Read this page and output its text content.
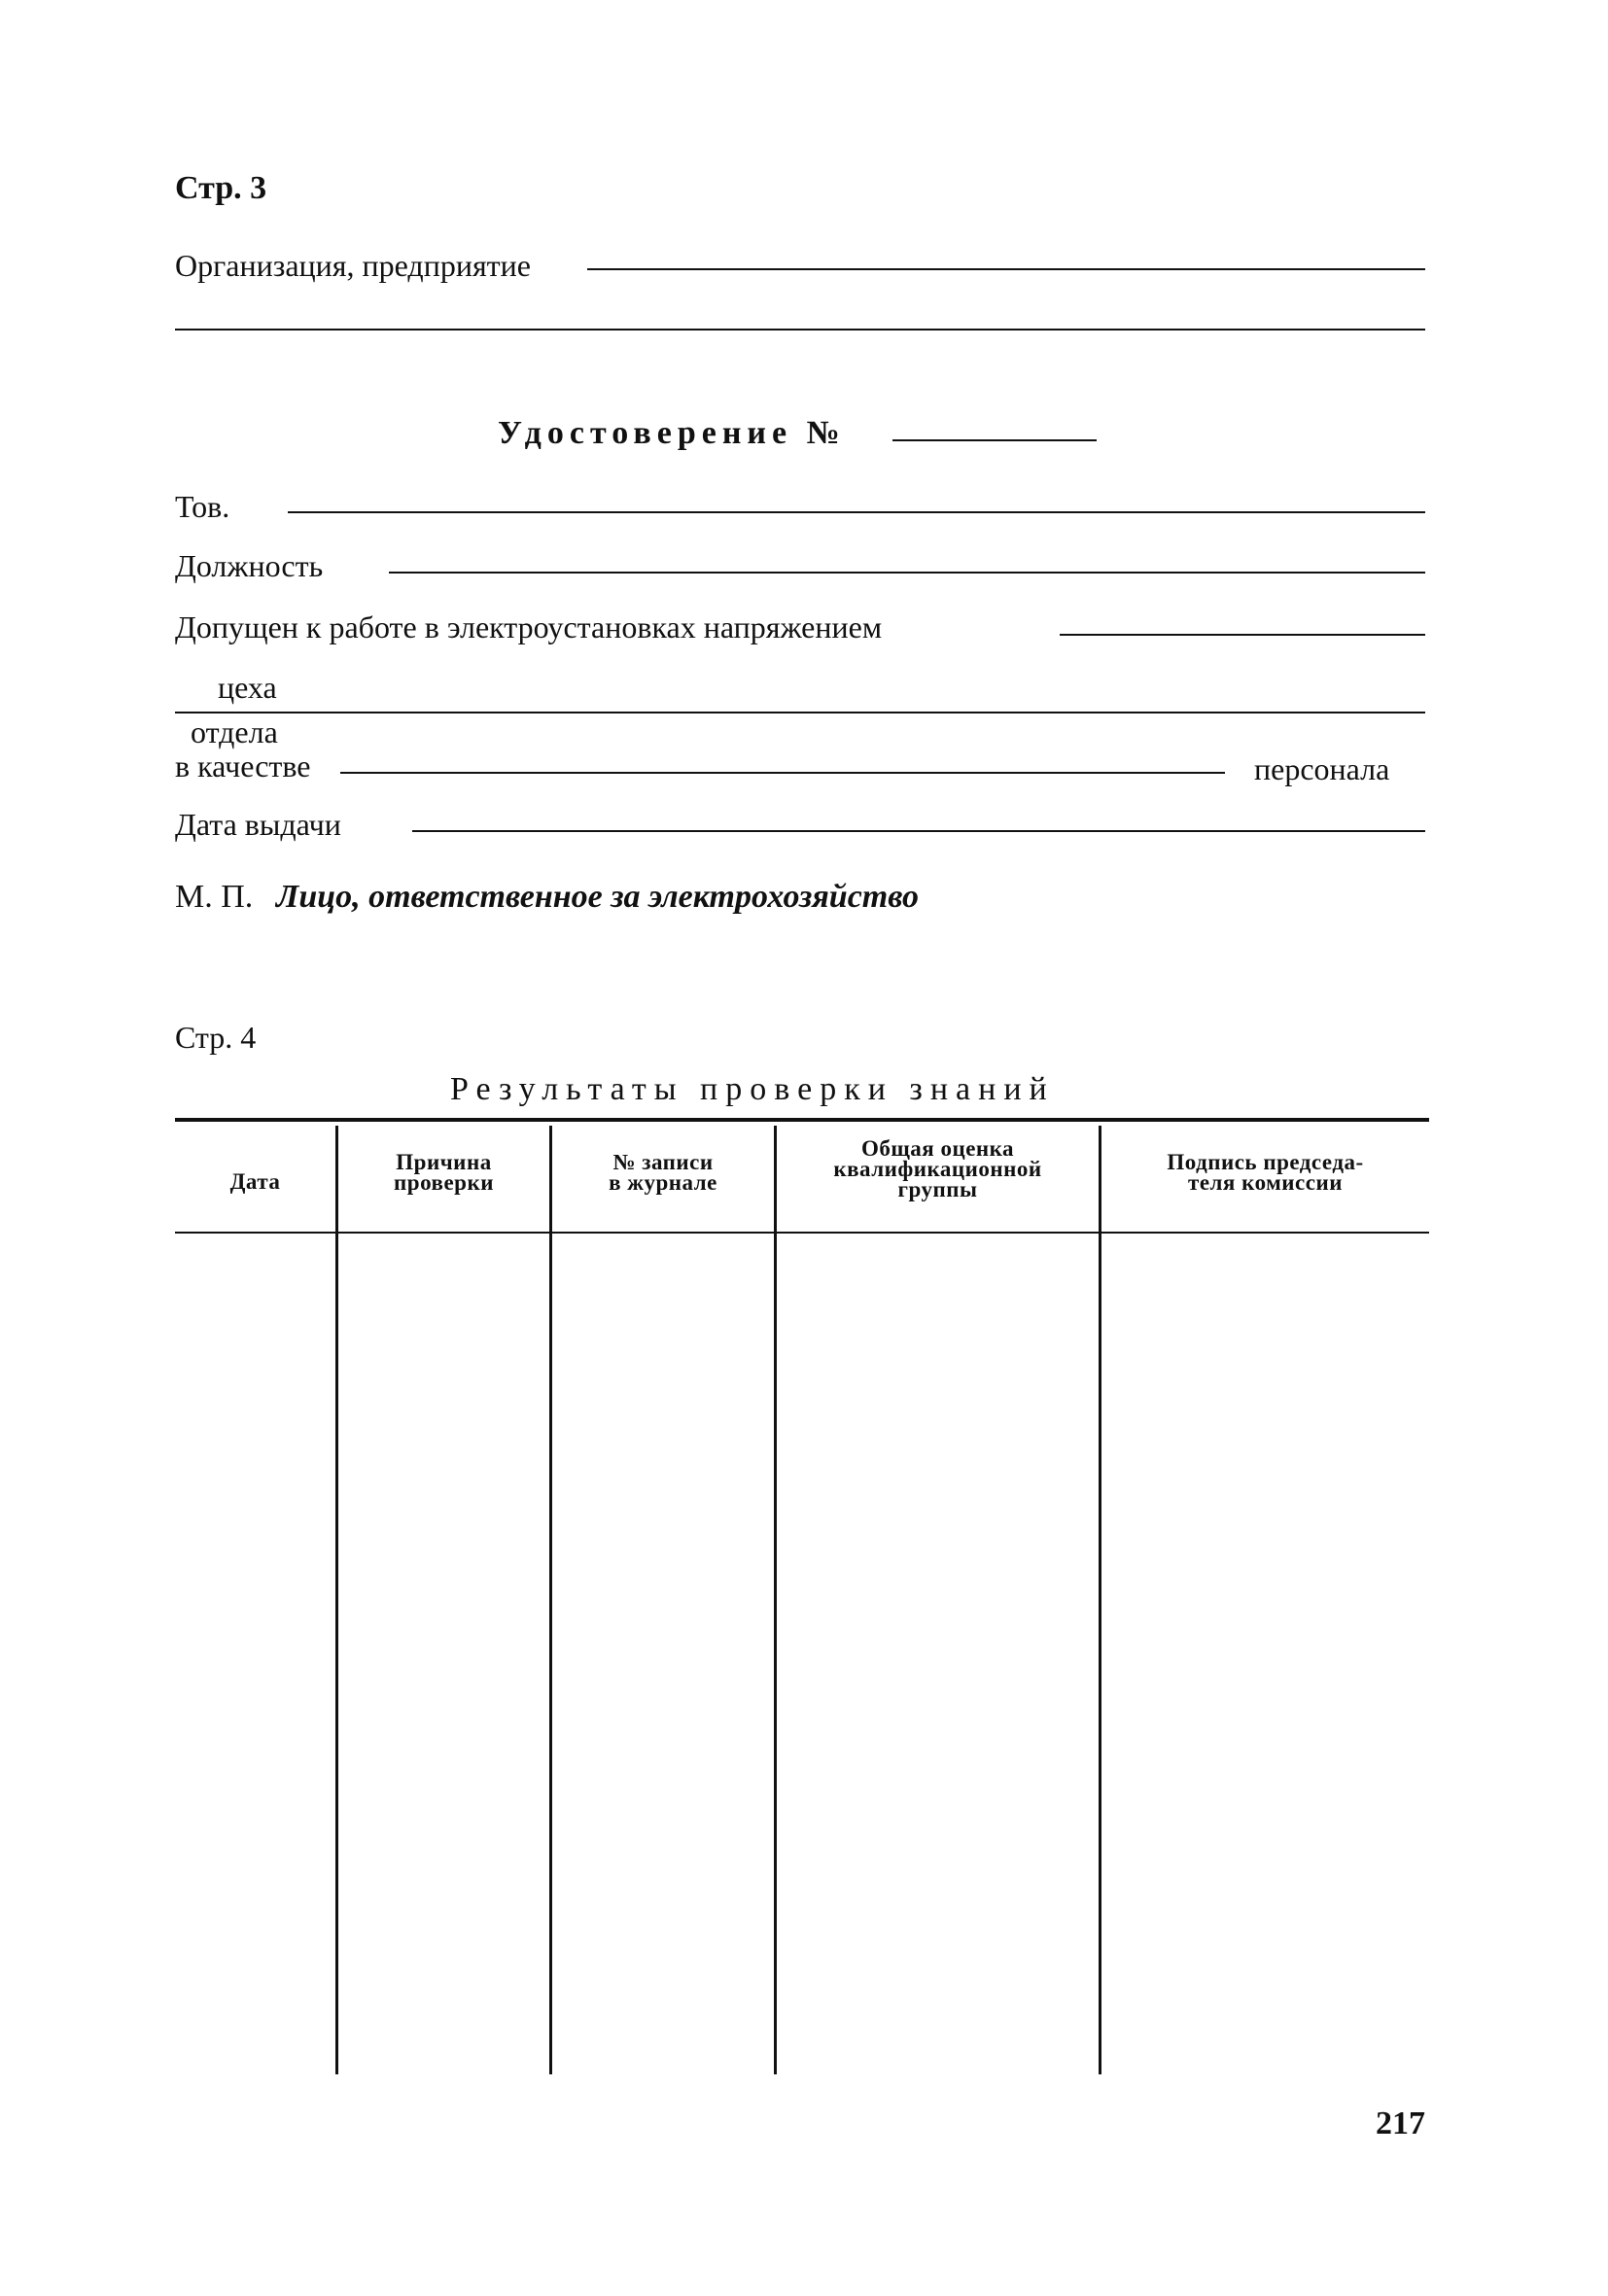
Стр. 3
Организация, предприятие
Удостоверение №
Тов.
Должность
Допущен к работе в электроустановках напряжением
цеха
отдела
в качестве	персонала
Дата выдачи
М. П. Лицо, ответственное за электрохозяйство
Стр. 4
Результаты проверки знаний
Дата
Причина
проверки
№ записи
в журнале
Общая оценка
квалификационной
группы
Подпись председа-
теля комиссии
217
